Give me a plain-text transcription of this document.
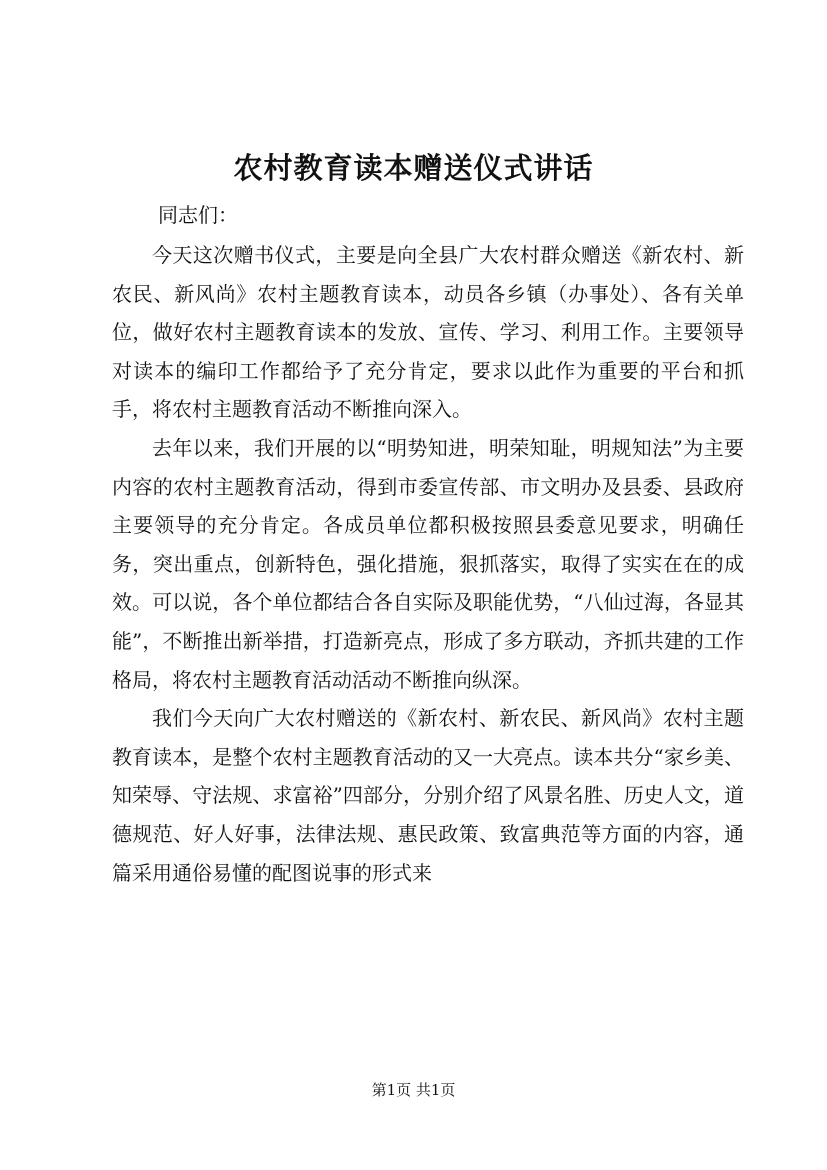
农村教育读本赠送仪式讲话
同志们：

今天这次赠书仪式，主要是向全县广大农村群众赠送《新农村、新农民、新风尚》农村主题教育读本，动员各乡镇（办事处）、各有关单位，做好农村主题教育读本的发放、宣传、学习、利用工作。主要领导对读本的编印工作都给予了充分肯定，要求以此作为重要的平台和抓手，将农村主题教育活动不断推向深入。

去年以来，我们开展的以“明势知进，明荣知耻，明规知法”为主要内容的农村主题教育活动，得到市委宣传部、市文明办及县委、县政府主要领导的充分肯定。各成员单位都积极按照县委意见要求，明确任务，突出重点，创新特色，强化措施，狠抓落实，取得了实实在在的成效。可以说，各个单位都结合各自实际及职能优势，“八仙过海，各显其能”，不断推出新举措，打造新亮点，形成了多方联动，齐抓共建的工作格局，将农村主题教育活动活动不断推向纵深。

我们今天向广大农村赠送的《新农村、新农民、新风尚》农村主题教育读本，是整个农村主题教育活动的又一大亮点。读本共分“家乡美、知荣辱、守法规、求富裕”四部分，分别介绍了风景名胜、历史人文，道德规范、好人好事，法律法规、惠民政策、致富典范等方面的内容，通篇采用通俗易懂的配图说事的形式来

第1页 共1页
